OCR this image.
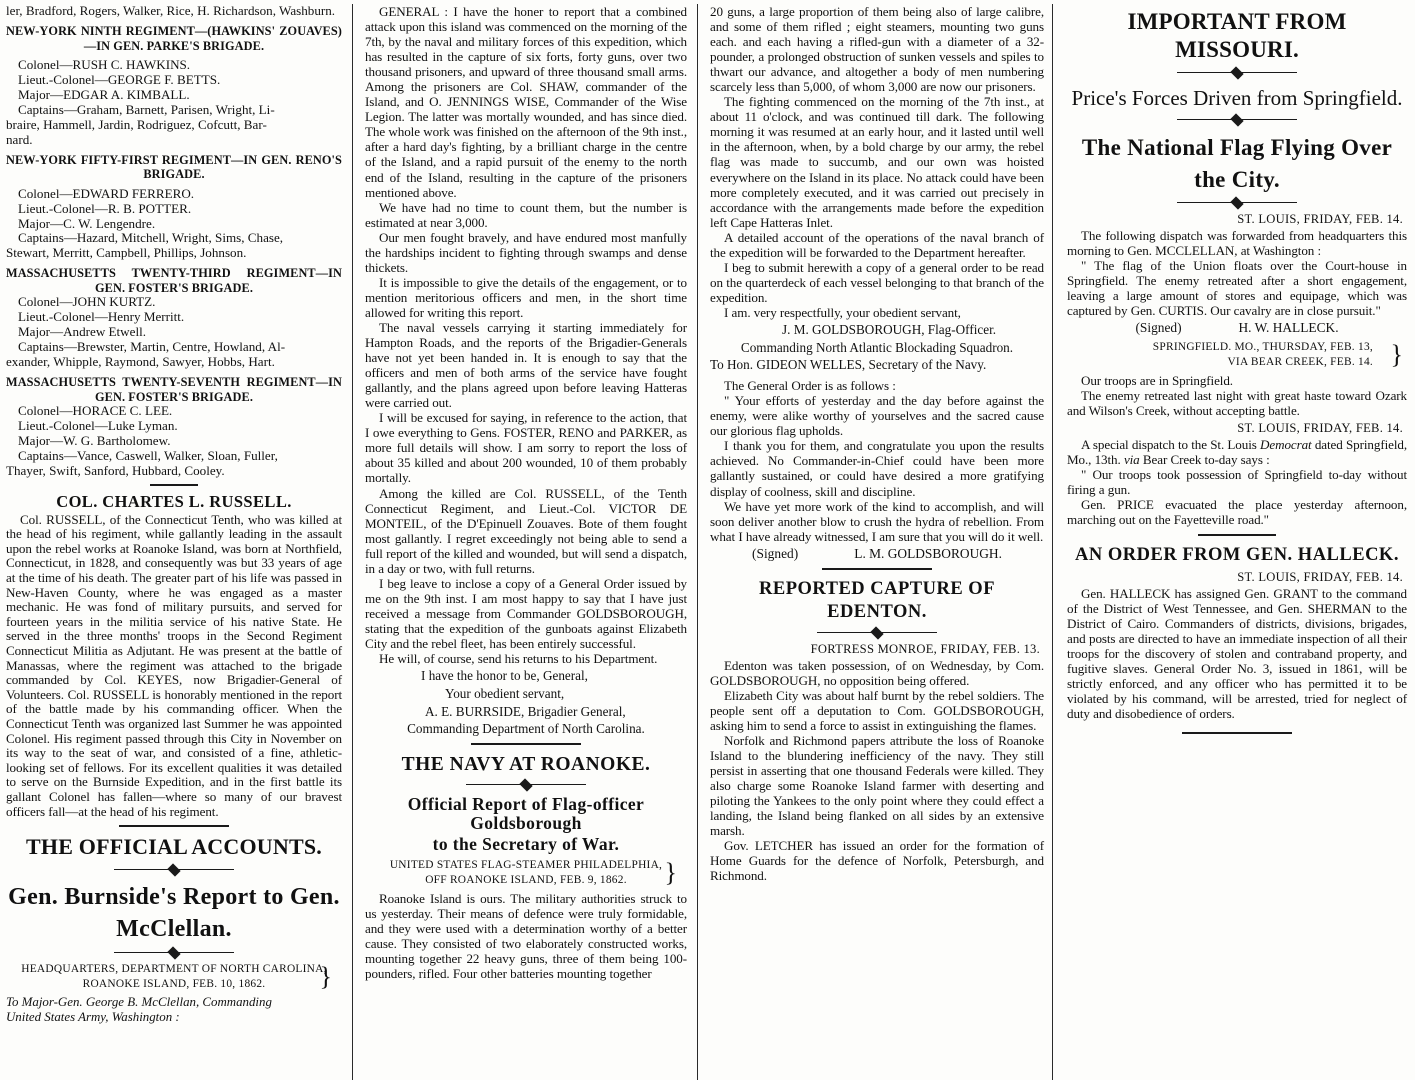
ler, Bradford, Rogers, Walker, Rice, H. Richardson, Washburn.

NEW-YORK NINTH REGIMENT—(HAWKINS' ZOUAVES)

—IN GEN. PARKE'S BRIGADE.

Colonel—RUSH C. HAWKINS.

Lieut.-Colonel—GEORGE F. BETTS.

Major—EDGAR A. KIMBALL.

Captains—Graham, Barnett, Parisen, Wright, Li-

braire, Hammell, Jardin, Rodriguez, Cofcutt, Bar-

nard.

NEW-YORK FIFTY-FIRST REGIMENT—IN GEN. RENO'S

BRIGADE.

Colonel—EDWARD FERRERO.

Lieut.-Colonel—R. B. POTTER.

Major—C. W. Lengendre.

Captains—Hazard, Mitchell, Wright, Sims, Chase,

Stewart, Merritt, Campbell, Phillips, Johnson.

MASSACHUSETTS TWENTY-THIRD REGIMENT—IN

GEN. FOSTER'S BRIGADE.

Colonel—JOHN KURTZ.

Lieut.-Colonel—Henry Merritt.

Major—Andrew Etwell.

Captains—Brewster, Martin, Centre, Howland, Al-

exander, Whipple, Raymond, Sawyer, Hobbs, Hart.

MASSACHUSETTS TWENTY-SEVENTH REGIMENT—IN

GEN. FOSTER'S BRIGADE.

Colonel—HORACE C. LEE.

Lieut.-Colonel—Luke Lyman.

Major—W. G. Bartholomew.

Captains—Vance, Caswell, Walker, Sloan, Fuller,

Thayer, Swift, Sanford, Hubbard, Cooley.

COL. CHARTES L. RUSSELL.

Col. RUSSELL, of the Connecticut Tenth, who was killed at the head of his regiment, while gallantly leading in the assault upon the rebel works at Roanoke Island, was born at Northfield, Connecticut, in 1828, and consequently was but 33 years of age at the time of his death. The greater part of his life was passed in New-Haven County, where he was engaged as a master mechanic. He was fond of military pursuits, and served for fourteen years in the militia service of his native State. He served in the three months' troops in the Second Regiment Connecticut Militia as Adjutant. He was present at the battle of Manassas, where the regiment was attached to the brigade commanded by Col. KEYES, now Brigadier-General of Volunteers. Col. RUSSELL is honorably mentioned in the report of the battle made by his commanding officer. When the Connecticut Tenth was organized last Summer he was appointed Colonel. His regiment passed through this City in November on its way to the seat of war, and consisted of a fine, athletic-looking set of fellows. For its excellent qualities it was detailed to serve on the Burnside Expedition, and in the first battle its gallant Colonel has fallen—where so many of our bravest officers fall—at the head of his regiment.

THE OFFICIAL ACCOUNTS.
Gen. Burnside's Report to Gen.
McClellan.
HEADQUARTERS, DEPARTMENT OF NORTH CAROLINA,
ROANOKE ISLAND, FEB. 10, 1862.	}

To Major-Gen. George B. McClellan, Commanding

United States Army, Washington :

GENERAL : I have the honer to report that a combined attack upon this island was commenced on the morning of the 7th, by the naval and military forces of this expedition, which has resulted in the capture of six forts, forty guns, over two thousand prisoners, and upward of three thousand small arms. Among the prisoners are Col. SHAW, commander of the Island, and O. JENNINGS WISE, Commander of the Wise Legion. The latter was mortally wounded, and has since died. The whole work was finished on the afternoon of the 9th inst., after a hard day's fighting, by a brilliant charge in the centre of the Island, and a rapid pursuit of the enemy to the north end of the Island, resulting in the capture of the prisoners mentioned above.

We have had no time to count them, but the number is estimated at near 3,000.

Our men fought bravely, and have endured most manfully the hardships incident to fighting through swamps and dense thickets.

It is impossible to give the details of the engagement, or to mention meritorious officers and men, in the short time allowed for writing this report.

The naval vessels carrying it starting immediately for Hampton Roads, and the reports of the Brigadier-Generals have not yet been handed in. It is enough to say that the officers and men of both arms of the service have fought gallantly, and the plans agreed upon before leaving Hatteras were carried out.

I will be excused for saying, in reference to the action, that I owe everything to Gens. FOSTER, RENO and PARKER, as more full details will show. I am sorry to report the loss of about 35 killed and about 200 wounded, 10 of them probably mortally.

Among the killed are Col. RUSSELL, of the Tenth Connecticut Regiment, and Lieut.-Col. VICTOR DE MONTEIL, of the D'Epinuell Zouaves. Bote of them fought most gallantly. I regret exceedingly not being able to send a full report of the killed and wounded, but will send a dispatch, in a day or two, with full returns.

I beg leave to inclose a copy of a General Order issued by me on the 9th inst. I am most happy to say that I have just received a message from Commander GOLDSBOROUGH, stating that the expedition of the gunboats against Elizabeth City and the rebel fleet, has been entirely successful.

He will, of course, send his returns to his Department.

I have the honor to be, General,

Your obedient servant,

A. E. BURRSIDE, Brigadier General,

Commanding Department of North Carolina.

THE NAVY AT ROANOKE.
Official Report of Flag-officer Goldsborough
to the Secretary of War.
UNITED STATES FLAG-STEAMER PHILADELPHIA,
OFF ROANOKE ISLAND, FEB. 9, 1862.	}

Roanoke Island is ours. The military authorities struck to us yesterday. Their means of defence were truly formidable, and they were used with a determination worthy of a better cause. They consisted of two elaborately constructed works, mounting together 22 heavy guns, three of them being 100-pounders, rifled. Four other batteries mounting together

20 guns, a large proportion of them being also of large calibre, and some of them rifled ; eight steamers, mounting two guns each. and each having a rifled-gun with a diameter of a 32-pounder, a prolonged obstruction of sunken vessels and spiles to thwart our advance, and altogether a body of men numbering scarcely less than 5,000, of whom 3,000 are now our prisoners.

The fighting commenced on the morning of the 7th inst., at about 11 o'clock, and was continued till dark. The following morning it was resumed at an early hour, and it lasted until well in the afternoon, when, by a bold charge by our army, the rebel flag was made to succumb, and our own was hoisted everywhere on the Island in its place. No attack could have been more completely executed, and it was carried out precisely in accordance with the arrangements made before the expedition left Cape Hatteras Inlet.

A detailed account of the operations of the naval branch of the expedition will be forwarded to the Department hereafter.

I beg to submit herewith a copy of a general order to be read on the quarterdeck of each vessel belonging to that branch of the expedition.

I am. very respectfully, your obedient servant,

J. M. GOLDSBOROUGH, Flag-Officer.

Commanding North Atlantic Blockading Squadron.

To Hon. GIDEON WELLES, Secretary of the Navy.

The General Order is as follows :

" Your efforts of yesterday and the day before against the enemy, were alike worthy of yourselves and the sacred cause our glorious flag upholds.

I thank you for them, and congratulate you upon the results achieved. No Commander-in-Chief could have been more gallantly sustained, or could have desired a more gratifying display of coolness, skill and discipline.

We have yet more work of the kind to accomplish, and will soon deliver another blow to crush the hydra of rebellion. From what I have already witnessed, I am sure that you will do it well.

(Signed)	L. M. GOLDSBOROUGH.
REPORTED CAPTURE OF EDENTON.

FORTRESS MONROE, FRIDAY, FEB. 13.

Edenton was taken possession, of on Wednesday, by Com. GOLDSBOROUGH, no opposition being offered.

Elizabeth City was about half burnt by the rebel soldiers. The people sent off a deputation to Com. GOLDSBOROUGH, asking him to send a force to assist in extinguishing the flames.

Norfolk and Richmond papers attribute the loss of Roanoke Island to the blundering inefficiency of the navy. They still persist in asserting that one thousand Federals were killed. They also charge some Roanoke Island farmer with deserting and piloting the Yankees to the only point where they could effect a landing, the Island being flanked on all sides by an extensive marsh.

Gov. LETCHER has issued an order for the formation of Home Guards for the defence of Norfolk, Petersburgh, and Richmond.

IMPORTANT FROM MISSOURI.
Price's Forces Driven from Springfield.
The National Flag Flying Over
the City.

ST. LOUIS, FRIDAY, FEB. 14.

The following dispatch was forwarded from headquarters this morning to Gen. MCCLELLAN, at Washington :

" The flag of the Union floats over the Court-house in Springfield. The enemy retreated after a short engagement, leaving a large amount of stores and equipage, which was captured by Gen. CURTIS. Our cavalry are in close pursuit."

(Signed)	H. W. HALLECK.
SPRINGFIELD. MO., THURSDAY, FEB. 13,
VIA BEAR CREEK, FEB. 14. }

Our troops are in Springfield.

The enemy retreated last night with great haste toward Ozark and Wilson's Creek, without accepting battle.

ST. LOUIS, FRIDAY, FEB. 14.

A special dispatch to the St. Louis Democrat dated Springfield, Mo., 13th. via Bear Creek to-day says :

" Our troops took possession of Springfield to-day without firing a gun.

Gen. PRICE evacuated the place yesterday afternoon, marching out on the Fayetteville road."

AN ORDER FROM GEN. HALLECK.

ST. LOUIS, FRIDAY, FEB. 14.

Gen. HALLECK has assigned Gen. GRANT to the command of the District of West Tennessee, and Gen. SHERMAN to the District of Cairo. Commanders of districts, divisions, brigades, and posts are directed to have an immediate inspection of all their troops for the discovery of stolen and contraband property, and fugitive slaves. General Order No. 3, issued in 1861, will be strictly enforced, and any officer who has permitted it to be violated by his command, will be arrested, tried for neglect of duty and disobedience of orders.
